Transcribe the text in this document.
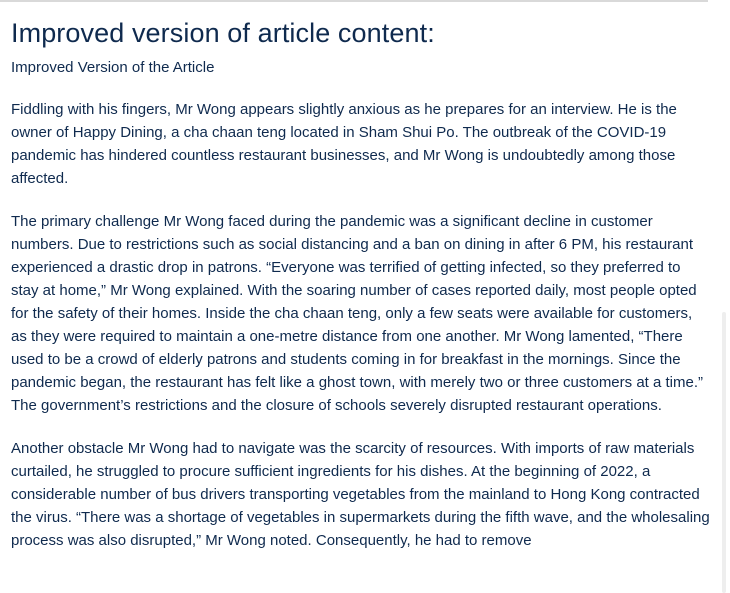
Improved version of article content:
Improved Version of the Article

Fiddling with his fingers, Mr Wong appears slightly anxious as he prepares for an interview. He is the owner of Happy Dining, a cha chaan teng located in Sham Shui Po. The outbreak of the COVID-19 pandemic has hindered countless restaurant businesses, and Mr Wong is undoubtedly among those affected.

The primary challenge Mr Wong faced during the pandemic was a significant decline in customer numbers. Due to restrictions such as social distancing and a ban on dining in after 6 PM, his restaurant experienced a drastic drop in patrons. “Everyone was terrified of getting infected, so they preferred to stay at home,” Mr Wong explained. With the soaring number of cases reported daily, most people opted for the safety of their homes. Inside the cha chaan teng, only a few seats were available for customers, as they were required to maintain a one-metre distance from one another. Mr Wong lamented, “There used to be a crowd of elderly patrons and students coming in for breakfast in the mornings. Since the pandemic began, the restaurant has felt like a ghost town, with merely two or three customers at a time.” The government’s restrictions and the closure of schools severely disrupted restaurant operations.

Another obstacle Mr Wong had to navigate was the scarcity of resources. With imports of raw materials curtailed, he struggled to procure sufficient ingredients for his dishes. At the beginning of 2022, a considerable number of bus drivers transporting vegetables from the mainland to Hong Kong contracted the virus. “There was a shortage of vegetables in supermarkets during the fifth wave, and the wholesaling process was also disrupted,” Mr Wong noted. Consequently, he had to remove
